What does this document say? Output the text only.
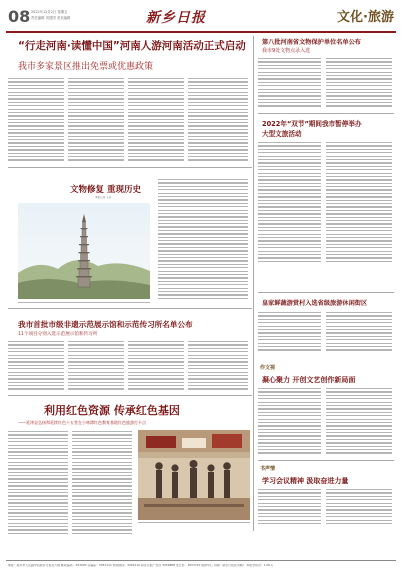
08 2022年12月2日 星期五
责任编辑 刘建国 美术编辑	新乡日报	文化·旅游
“行走河南·读懂中国”河南人游河南活动正式启动
我市多家景区推出免票或优惠政策
第八批河南省文物保护单位名单公布
我市9处文物点录入选
2022年“双节”期间我市暂停举办
大型文旅活动
文物修复 重现历史
本报记者 王菲
皇家鲜蔬游赏村入选省级旅游休闲街区
我市首批市级非遗示范展示馆和示范传习所名单公布
11个项目分别入选示范展示馆和传习所
利用红色资源 传承红色基因
——延津县弘扬和延续红色十五堂在小林潭红色教育基地红色旅游打卡点
作文视
凝心聚力 开创文艺创作新局面
书声情
学习会议精神 汲取奋进力量
地址：新乡市人民路中段新乡日报社大楼 邮政编码：453000 总编室：3057111 新闻热线：3062110 新乡日报广告部 3059888 发行部：3053710 照排中心 印刷：新乡日报社印刷厂 本报零售价：1.00元
